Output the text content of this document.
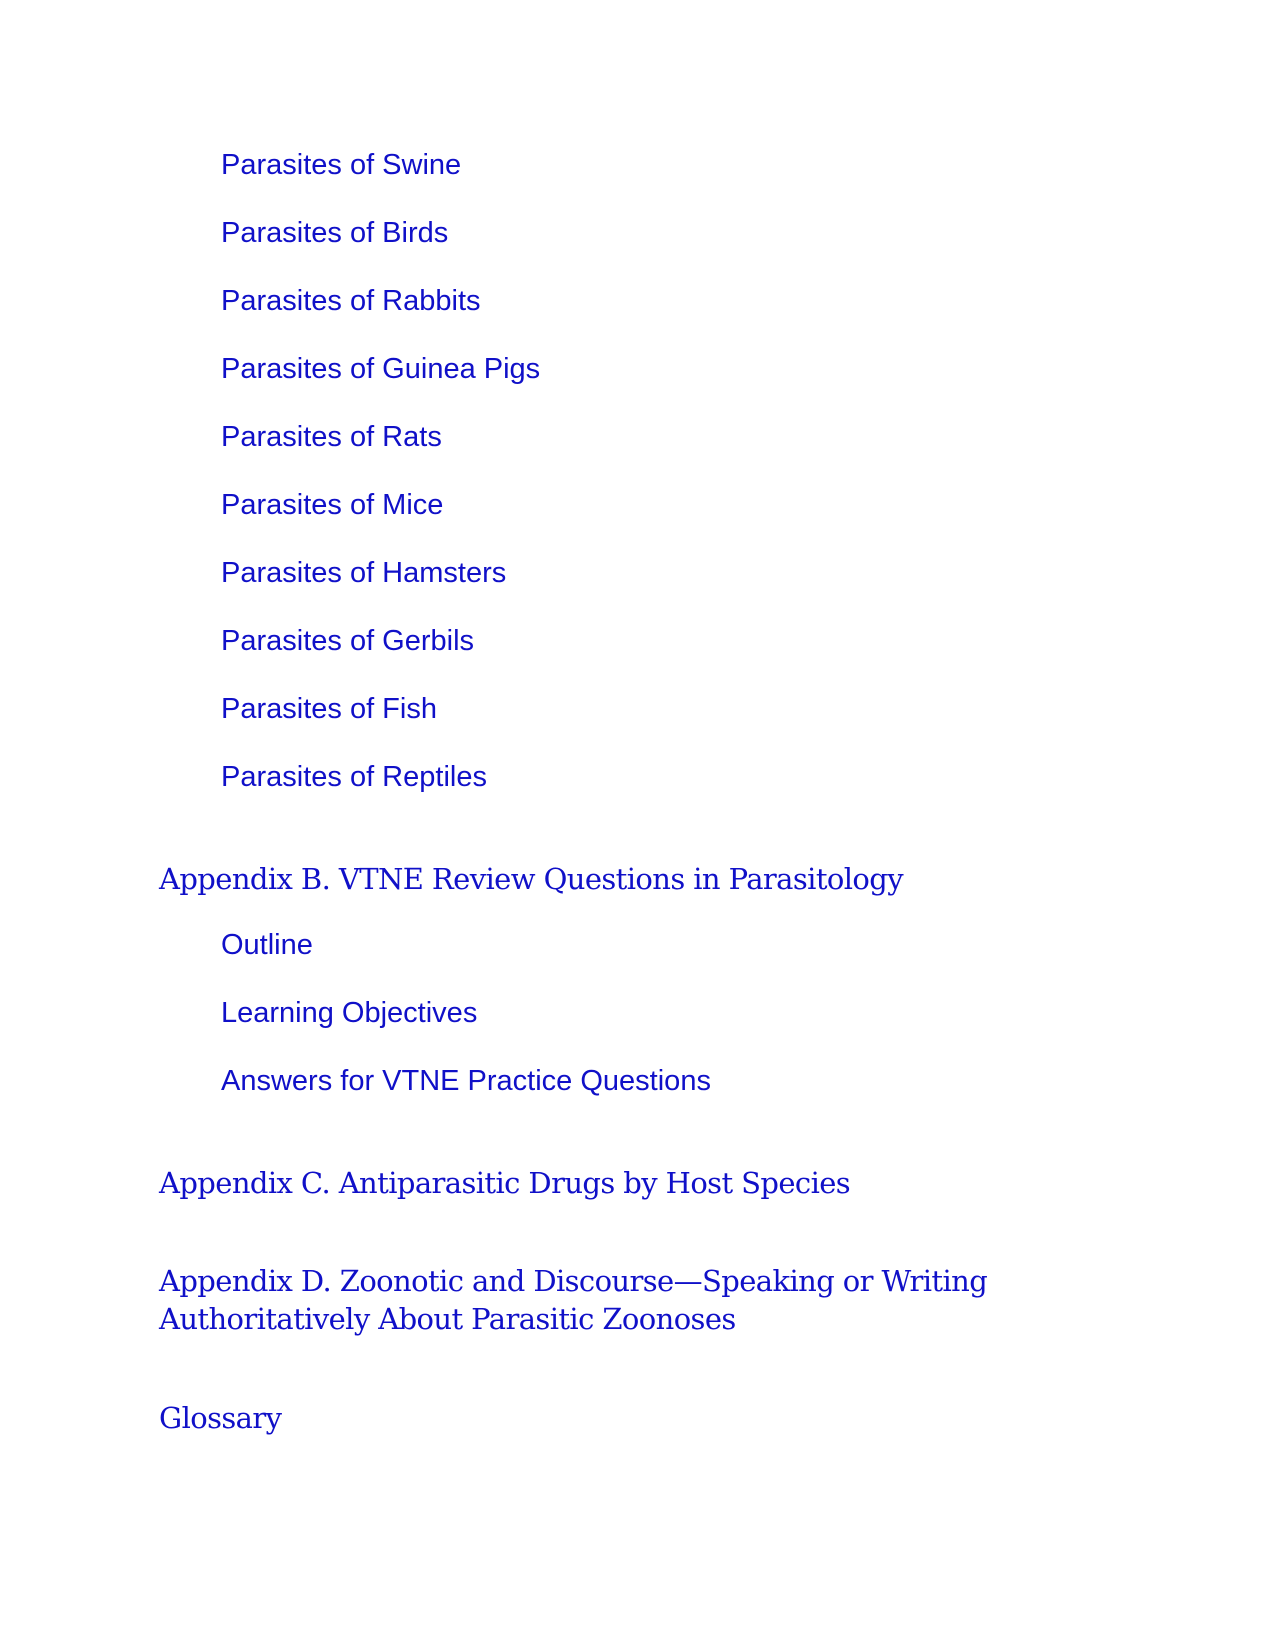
Parasites of Swine
Parasites of Birds
Parasites of Rabbits
Parasites of Guinea Pigs
Parasites of Rats
Parasites of Mice
Parasites of Hamsters
Parasites of Gerbils
Parasites of Fish
Parasites of Reptiles
Appendix B. VTNE Review Questions in Parasitology
Outline
Learning Objectives
Answers for VTNE Practice Questions
Appendix C. Antiparasitic Drugs by Host Species
Appendix D. Zoonotic and Discourse—Speaking or Writing
Authoritatively About Parasitic Zoonoses
Glossary
